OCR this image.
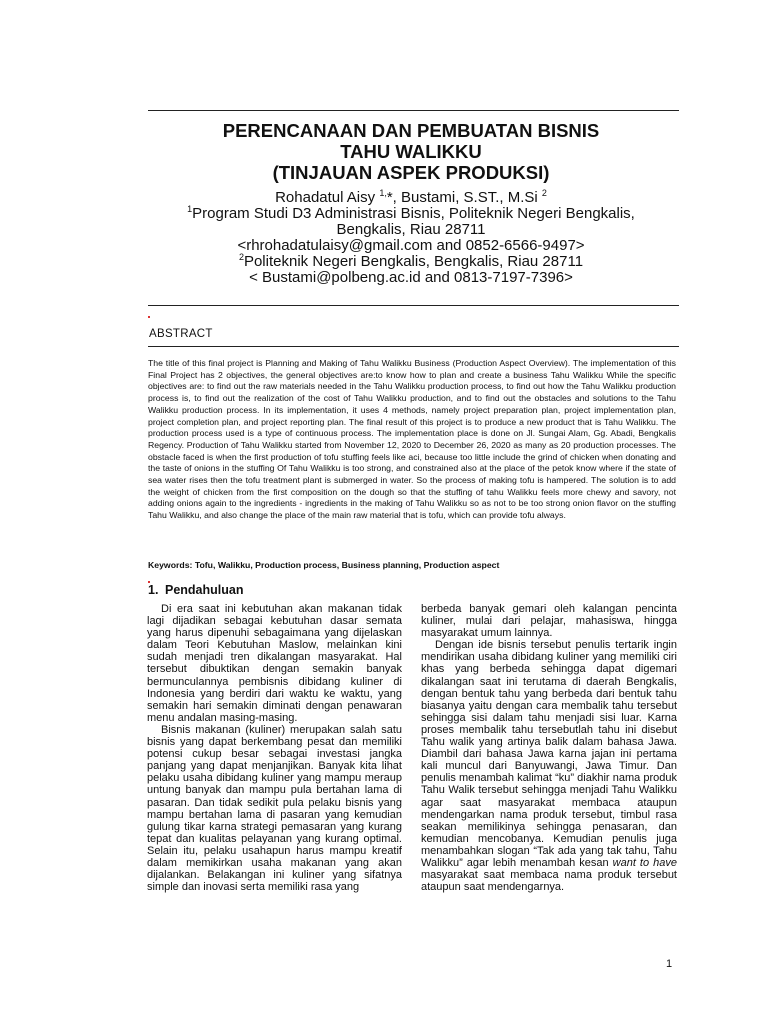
PERENCANAAN DAN PEMBUATAN BISNIS
TAHU WALIKKU
(TINJAUAN ASPEK PRODUKSI)
Rohadatul Aisy $^{1,}$*, Bustami, S.ST., M.Si $^2$
$^1$Program Studi D3 Administrasi Bisnis, Politeknik Negeri Bengkalis,
Bengkalis, Riau 28711
<rhrohadatulaisy@gmail.com and 0852-6566-9497>
$^2$Politeknik Negeri Bengkalis, Bengkalis, Riau 28711
< Bustami@polbeng.ac.id and 0813-7197-7396>
ABSTRACT

The title of this final project is Planning and Making of Tahu Walikku Business (Production Aspect Overview). The implementation of this Final Project has 2 objectives, the general objectives are:to know how to plan and create a business Tahu Walikku While the specific objectives are: to find out the raw materials needed in the Tahu Walikku production process, to find out how the Tahu Walikku production process is, to find out the realization of the cost of Tahu Walikku production, and to find out the obstacles and solutions to the Tahu Walikku production process. In its implementation, it uses 4 methods, namely project preparation plan, project implementation plan, project completion plan, and project reporting plan. The final result of this project is to produce a new product that is Tahu Walikku. The production process used is a type of continuous process. The implementation place is done on Jl. Sungai Alam, Gg. Abadi, Bengkalis Regency. Production of Tahu Walikku started from November 12, 2020 to December 26, 2020 as many as 20 production processes. The obstacle faced is when the first production of tofu stuffing feels like aci, because too little include the grind of chicken when donating and the taste of onions in the stuffing Of Tahu Walikku is too strong, and constrained also at the place of the petok know where if the state of sea water rises then the tofu treatment plant is submerged in water. So the process of making tofu is hampered. The solution is to add the weight of chicken from the first composition on the dough so that the stuffing of tahu Walikku feels more chewy and savory, not adding onions again to the ingredients - ingredients in the making of Tahu Walikku so as not to be too strong onion flavor on the stuffing Tahu Walikku, and also change the place of the main raw material that is tofu, which can provide tofu always.

Keywords: Tofu, Walikku, Production process, Business planning, Production aspect
1. Pendahuluan

Di era saat ini kebutuhan akan makanan tidak lagi dijadikan sebagai kebutuhan dasar semata yang harus dipenuhi sebagaimana yang dijelaskan dalam Teori Kebutuhan Maslow, melainkan kini sudah menjadi tren dikalangan masyarakat. Hal tersebut dibuktikan dengan semakin banyak bermunculannya pembisnis dibidang kuliner di Indonesia yang berdiri dari waktu ke waktu, yang semakin hari semakin diminati dengan penawaran menu andalan masing-masing.

Bisnis makanan (kuliner) merupakan salah satu bisnis yang dapat berkembang pesat dan memiliki potensi cukup besar sebagai investasi jangka panjang yang dapat menjanjikan. Banyak kita lihat pelaku usaha dibidang kuliner yang mampu meraup untung banyak dan mampu pula bertahan lama di pasaran. Dan tidak sedikit pula pelaku bisnis yang mampu bertahan lama di pasaran yang kemudian gulung tikar karna strategi pemasaran yang kurang tepat dan kualitas pelayanan yang kurang optimal. Selain itu, pelaku usahapun harus mampu kreatif dalam memikirkan usaha makanan yang akan dijalankan. Belakangan ini kuliner yang sifatnya simple dan inovasi serta memiliki rasa yang

berbeda banyak gemari oleh kalangan pencinta kuliner, mulai dari pelajar, mahasiswa, hingga masyarakat umum lainnya.

Dengan ide bisnis tersebut penulis tertarik ingin mendirikan usaha dibidang kuliner yang memiliki ciri khas yang berbeda sehingga dapat digemari dikalangan saat ini terutama di daerah Bengkalis, dengan bentuk tahu yang berbeda dari bentuk tahu biasanya yaitu dengan cara membalik tahu tersebut sehingga sisi dalam tahu menjadi sisi luar. Karna proses membalik tahu tersebutlah tahu ini disebut Tahu walik yang artinya balik dalam bahasa Jawa. Diambil dari bahasa Jawa karna jajan ini pertama kali muncul dari Banyuwangi, Jawa Timur. Dan penulis menambah kalimat “ku” diakhir nama produk Tahu Walik tersebut sehingga menjadi Tahu Walikku agar saat masyarakat membaca ataupun mendengarkan nama produk tersebut, timbul rasa seakan memilikinya sehingga penasaran, dan kemudian mencobanya. Kemudian penulis juga menambahkan slogan “Tak ada yang tak tahu, Tahu Walikku” agar lebih menambah kesan want to have masyarakat saat membaca nama produk tersebut ataupun saat mendengarnya.

1
